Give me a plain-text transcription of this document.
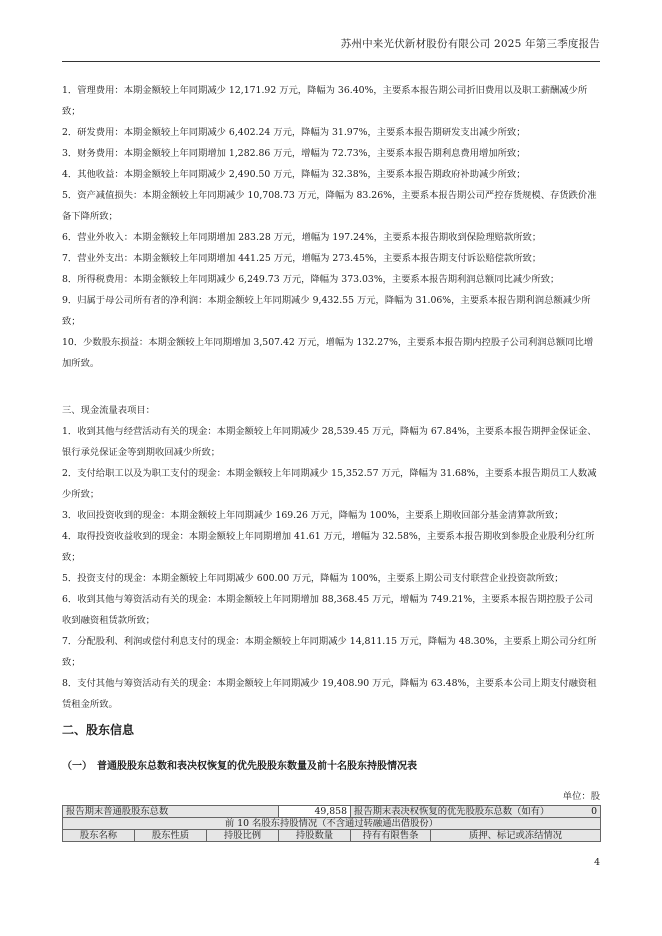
苏州中来光伏新材股份有限公司 2025 年第三季度报告

1．管理费用：本期金额较上年同期减少 12,171.92 万元，降幅为 36.40%，主要系本报告期公司折旧费用以及职工薪酬减少所致；

2．研发费用：本期金额较上年同期减少 6,402.24 万元，降幅为 31.97%，主要系本报告期研发支出减少所致；

3．财务费用：本期金额较上年同期增加 1,282.86 万元，增幅为 72.73%，主要系本报告期利息费用增加所致；

4．其他收益：本期金额较上年同期减少 2,490.50 万元，降幅为 32.38%，主要系本报告期政府补助减少所致；

5．资产减值损失：本期金额较上年同期减少 10,708.73 万元，降幅为 83.26%，主要系本报告期公司严控存货规模、存货跌价准备下降所致；

6．营业外收入：本期金额较上年同期增加 283.28 万元，增幅为 197.24%，主要系本报告期收到保险理赔款所致；

7．营业外支出：本期金额较上年同期增加 441.25 万元，增幅为 273.45%，主要系本报告期支付诉讼赔偿款所致；

8．所得税费用：本期金额较上年同期减少 6,249.73 万元，降幅为 373.03%，主要系本报告期利润总额同比减少所致；

9．归属于母公司所有者的净利润：本期金额较上年同期减少 9,432.55 万元，降幅为 31.06%，主要系本报告期利润总额减少所致；

10．少数股东损益：本期金额较上年同期增加 3,507.42 万元，增幅为 132.27%，主要系本报告期内控股子公司利润总额同比增加所致。

三、现金流量表项目：

1．收到其他与经营活动有关的现金：本期金额较上年同期减少 28,539.45 万元，降幅为 67.84%，主要系本报告期押金保证金、银行承兑保证金等到期收回减少所致；

2．支付给职工以及为职工支付的现金：本期金额较上年同期减少 15,352.57 万元，降幅为 31.68%，主要系本报告期员工人数减少所致；

3．收回投资收到的现金：本期金额较上年同期减少 169.26 万元，降幅为 100%，主要系上期收回部分基金清算款所致；

4．取得投资收益收到的现金：本期金额较上年同期增加 41.61 万元，增幅为 32.58%，主要系本报告期收到参股企业股利分红所致；

5．投资支付的现金：本期金额较上年同期减少 600.00 万元，降幅为 100%，主要系上期公司支付联营企业投资款所致；

6．收到其他与筹资活动有关的现金：本期金额较上年同期增加 88,368.45 万元，增幅为 749.21%，主要系本报告期控股子公司收到融资租赁款所致；

7．分配股利、利润或偿付利息支付的现金：本期金额较上年同期减少 14,811.15 万元，降幅为 48.30%，主要系上期公司分红所致；

8．支付其他与筹资活动有关的现金：本期金额较上年同期减少 19,408.90 万元，降幅为 63.48%，主要系本公司上期支付融资租赁租金所致。

二、股东信息
（一）　普通股股东总数和表决权恢复的优先股股东数量及前十名股东持股情况表
单位：股
报告期末普通股股东总数			49,858	报告期末表决权恢复的优先股股东总数（如有） 0	

前 10 名股东持股情况（不含通过转融通出借股份）					
股东名称	股东性质	持股比例	持股数量	持有有限售条	质押、标记或冻结情况
4
